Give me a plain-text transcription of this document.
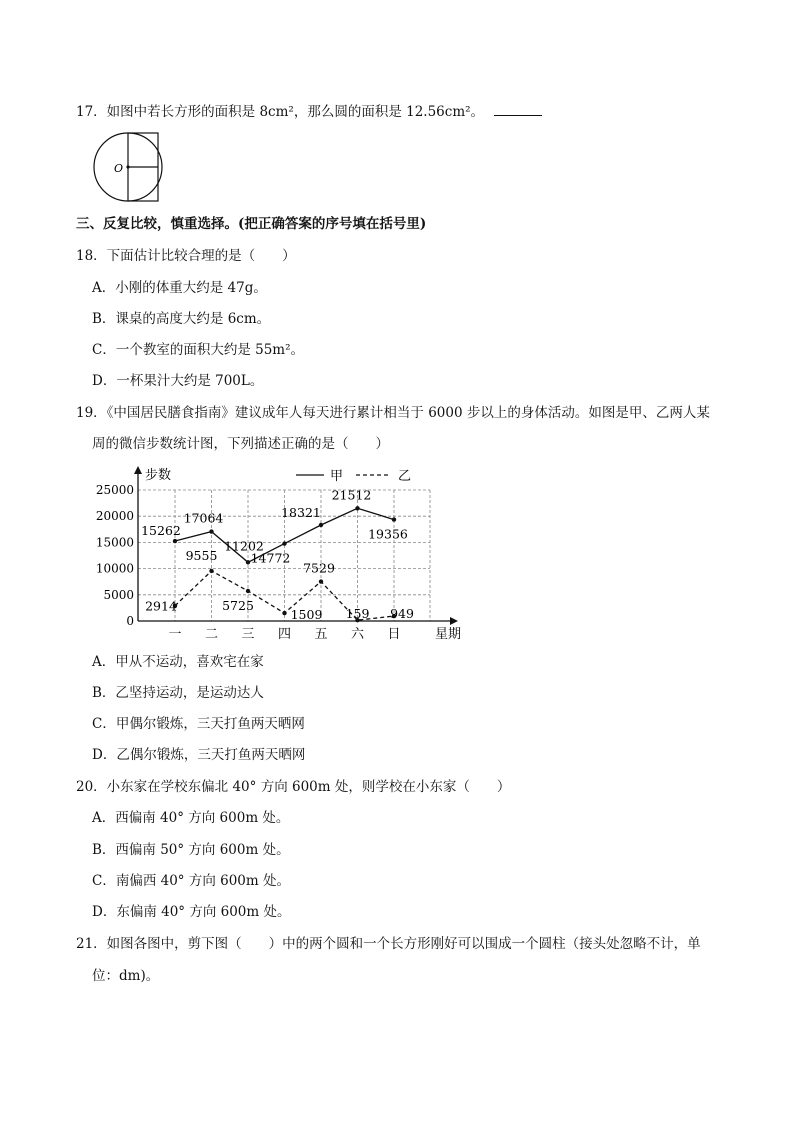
17．如图中若长方形的面积是 8cm²，那么圆的面积是 12.56cm²。
O
三、反复比较，慎重选择。(把正确答案的序号填在括号里)
18．下面估计比较合理的是（　　）
A．小刚的体重大约是 47g。
B．课桌的高度大约是 6cm。
C．一个教室的面积大约是 55m²。
D．一杯果汁大约是 700L。
19．《中国居民膳食指南》建议成年人每天进行累计相当于 6000 步以上的身体活动。如图是甲、乙两人某
周的微信步数统计图，下列描述正确的是（　　）
0
5000
10000
15000
20000
25000
步数
星期
一 二 三 四 五 六 日
甲	乙
15262
17064
11202
14772
18321
21512
19356
2914
9555
5725
1509
7529
159 949
A．甲从不运动，喜欢宅在家
B．乙坚持运动，是运动达人
C．甲偶尔锻炼，三天打鱼两天晒网
D．乙偶尔锻炼，三天打鱼两天晒网
20．小东家在学校东偏北 40° 方向 600m 处，则学校在小东家（　　）
A．西偏南 40° 方向 600m 处。
B．西偏南 50° 方向 600m 处。
C．南偏西 40° 方向 600m 处。
D．东偏南 40° 方向 600m 处。
21．如图各图中，剪下图（　　）中的两个圆和一个长方形刚好可以围成一个圆柱（接头处忽略不计，单
位：dm)。
